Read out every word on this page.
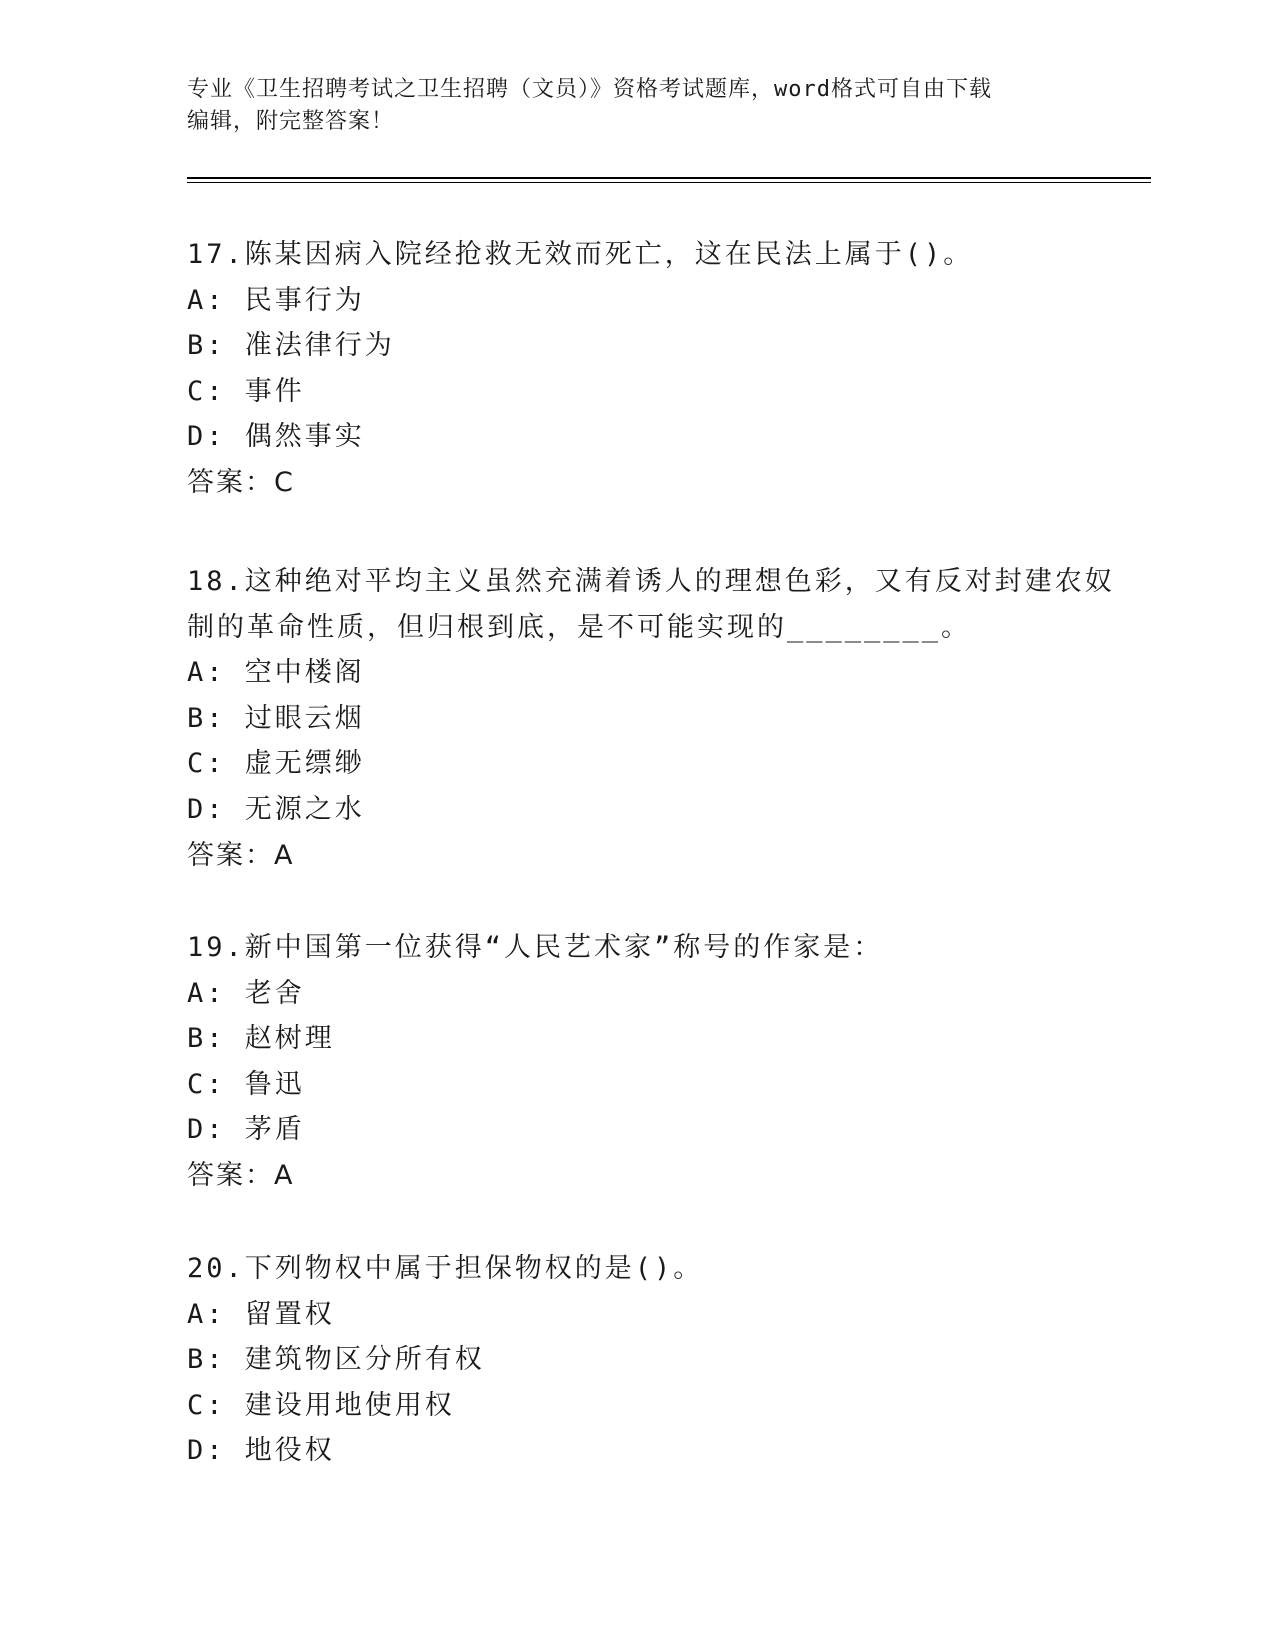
专业《卫生招聘考试之卫生招聘（文员）》资格考试题库，word格式可自由下载
编辑，附完整答案！
17.陈某因病入院经抢救无效而死亡，这在民法上属于()。
A: 民事行为
B: 准法律行为
C: 事件
D: 偶然事实
答案：C
18.这种绝对平均主义虽然充满着诱人的理想色彩，又有反对封建农奴
制的革命性质，但归根到底，是不可能实现的________。
A: 空中楼阁
B: 过眼云烟
C: 虚无缥缈
D: 无源之水
答案：A
19.新中国第一位获得“人民艺术家”称号的作家是：
A: 老舍
B: 赵树理
C: 鲁迅
D: 茅盾
答案：A
20.下列物权中属于担保物权的是()。
A: 留置权
B: 建筑物区分所有权
C: 建设用地使用权
D: 地役权
